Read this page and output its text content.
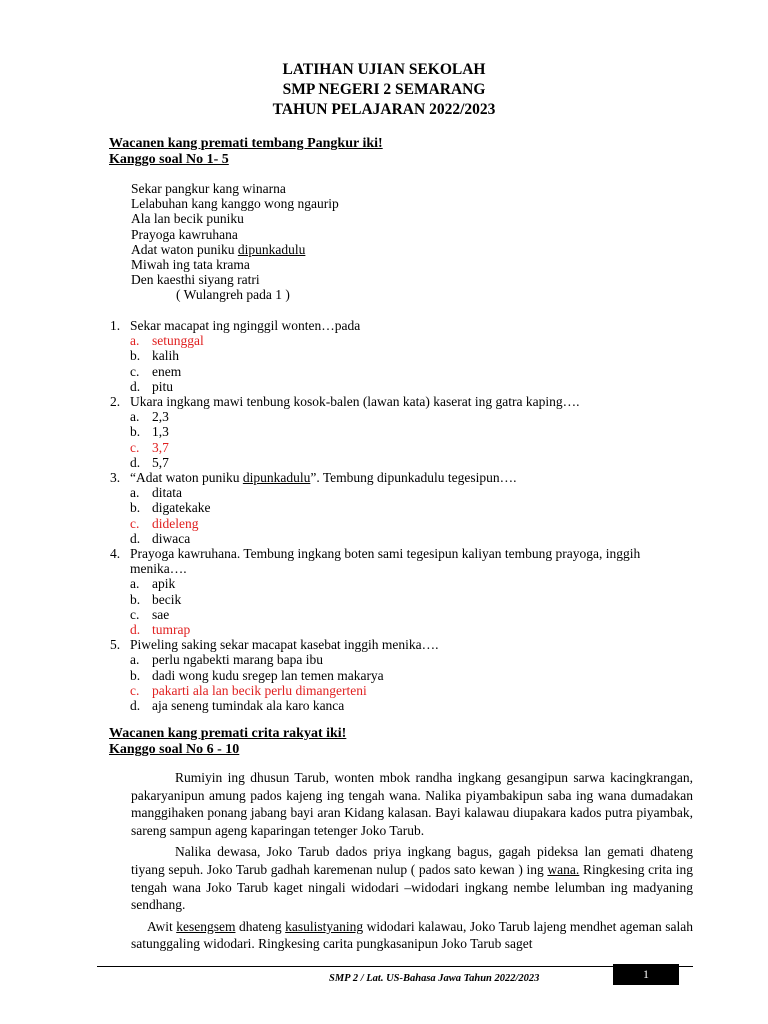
LATIHAN UJIAN SEKOLAH
SMP NEGERI 2 SEMARANG
TAHUN PELAJARAN 2022/2023
Wacanen kang premati tembang Pangkur iki!
Kanggo soal No 1- 5
Sekar pangkur kang winarna
Lelabuhan kang kanggo wong ngaurip
Ala lan becik puniku
Prayoga kawruhana
Adat waton puniku dipunkadulu
Miwah ing tata krama
Den kaesthi siyang ratri
( Wulangreh pada 1 )
1. Sekar macapat ing nginggil wonten…pada
a. setunggal
b. kalih
c. enem
d. pitu
2. Ukara ingkang mawi tenbung kosok-balen (lawan kata) kaserat ing gatra kaping….
a. 2,3
b. 1,3
c. 3,7
d. 5,7
3. “Adat waton puniku dipunkadulu”. Tembung dipunkadulu tegesipun….
a. ditata
b. digatekake
c. dideleng
d. diwaca
4. Prayoga kawruhana. Tembung ingkang boten sami tegesipun kaliyan tembung prayoga, inggih menika….
a. apik
b. becik
c. sae
d. tumrap
5. Piweling saking sekar macapat kasebat inggih menika….
a. perlu ngabekti marang bapa ibu
b. dadi wong kudu sregep lan temen makarya
c. pakarti ala lan becik perlu dimangerteni
d. aja seneng tumindak ala karo kanca
Wacanen kang premati crita rakyat iki!
Kanggo soal No 6 - 10

Rumiyin ing dhusun Tarub, wonten mbok randha ingkang gesangipun sarwa kacingkrangan, pakaryanipun amung pados kajeng ing tengah wana. Nalika piyambakipun saba ing wana dumadakan manggihaken ponang jabang bayi aran Kidang kalasan. Bayi kalawau diupakara kados putra piyambak, sareng sampun ageng kaparingan tetenger Joko Tarub.

Nalika dewasa, Joko Tarub dados priya ingkang bagus, gagah pideksa lan gemati dhateng tiyang sepuh. Joko Tarub gadhah karemenan nulup ( pados sato kewan ) ing wana. Ringkesing crita ing tengah wana Joko Tarub kaget ningali widodari –widodari ingkang nembe lelumban ing madyaning sendhang.

Awit kesengsem dhateng kasulistyaning widodari kalawau, Joko Tarub lajeng mendhet ageman salah satunggaling widodari. Ringkesing carita pungkasanipun Joko Tarub saget

SMP 2 / Lat. US-Bahasa Jawa Tahun 2022/2023	1
